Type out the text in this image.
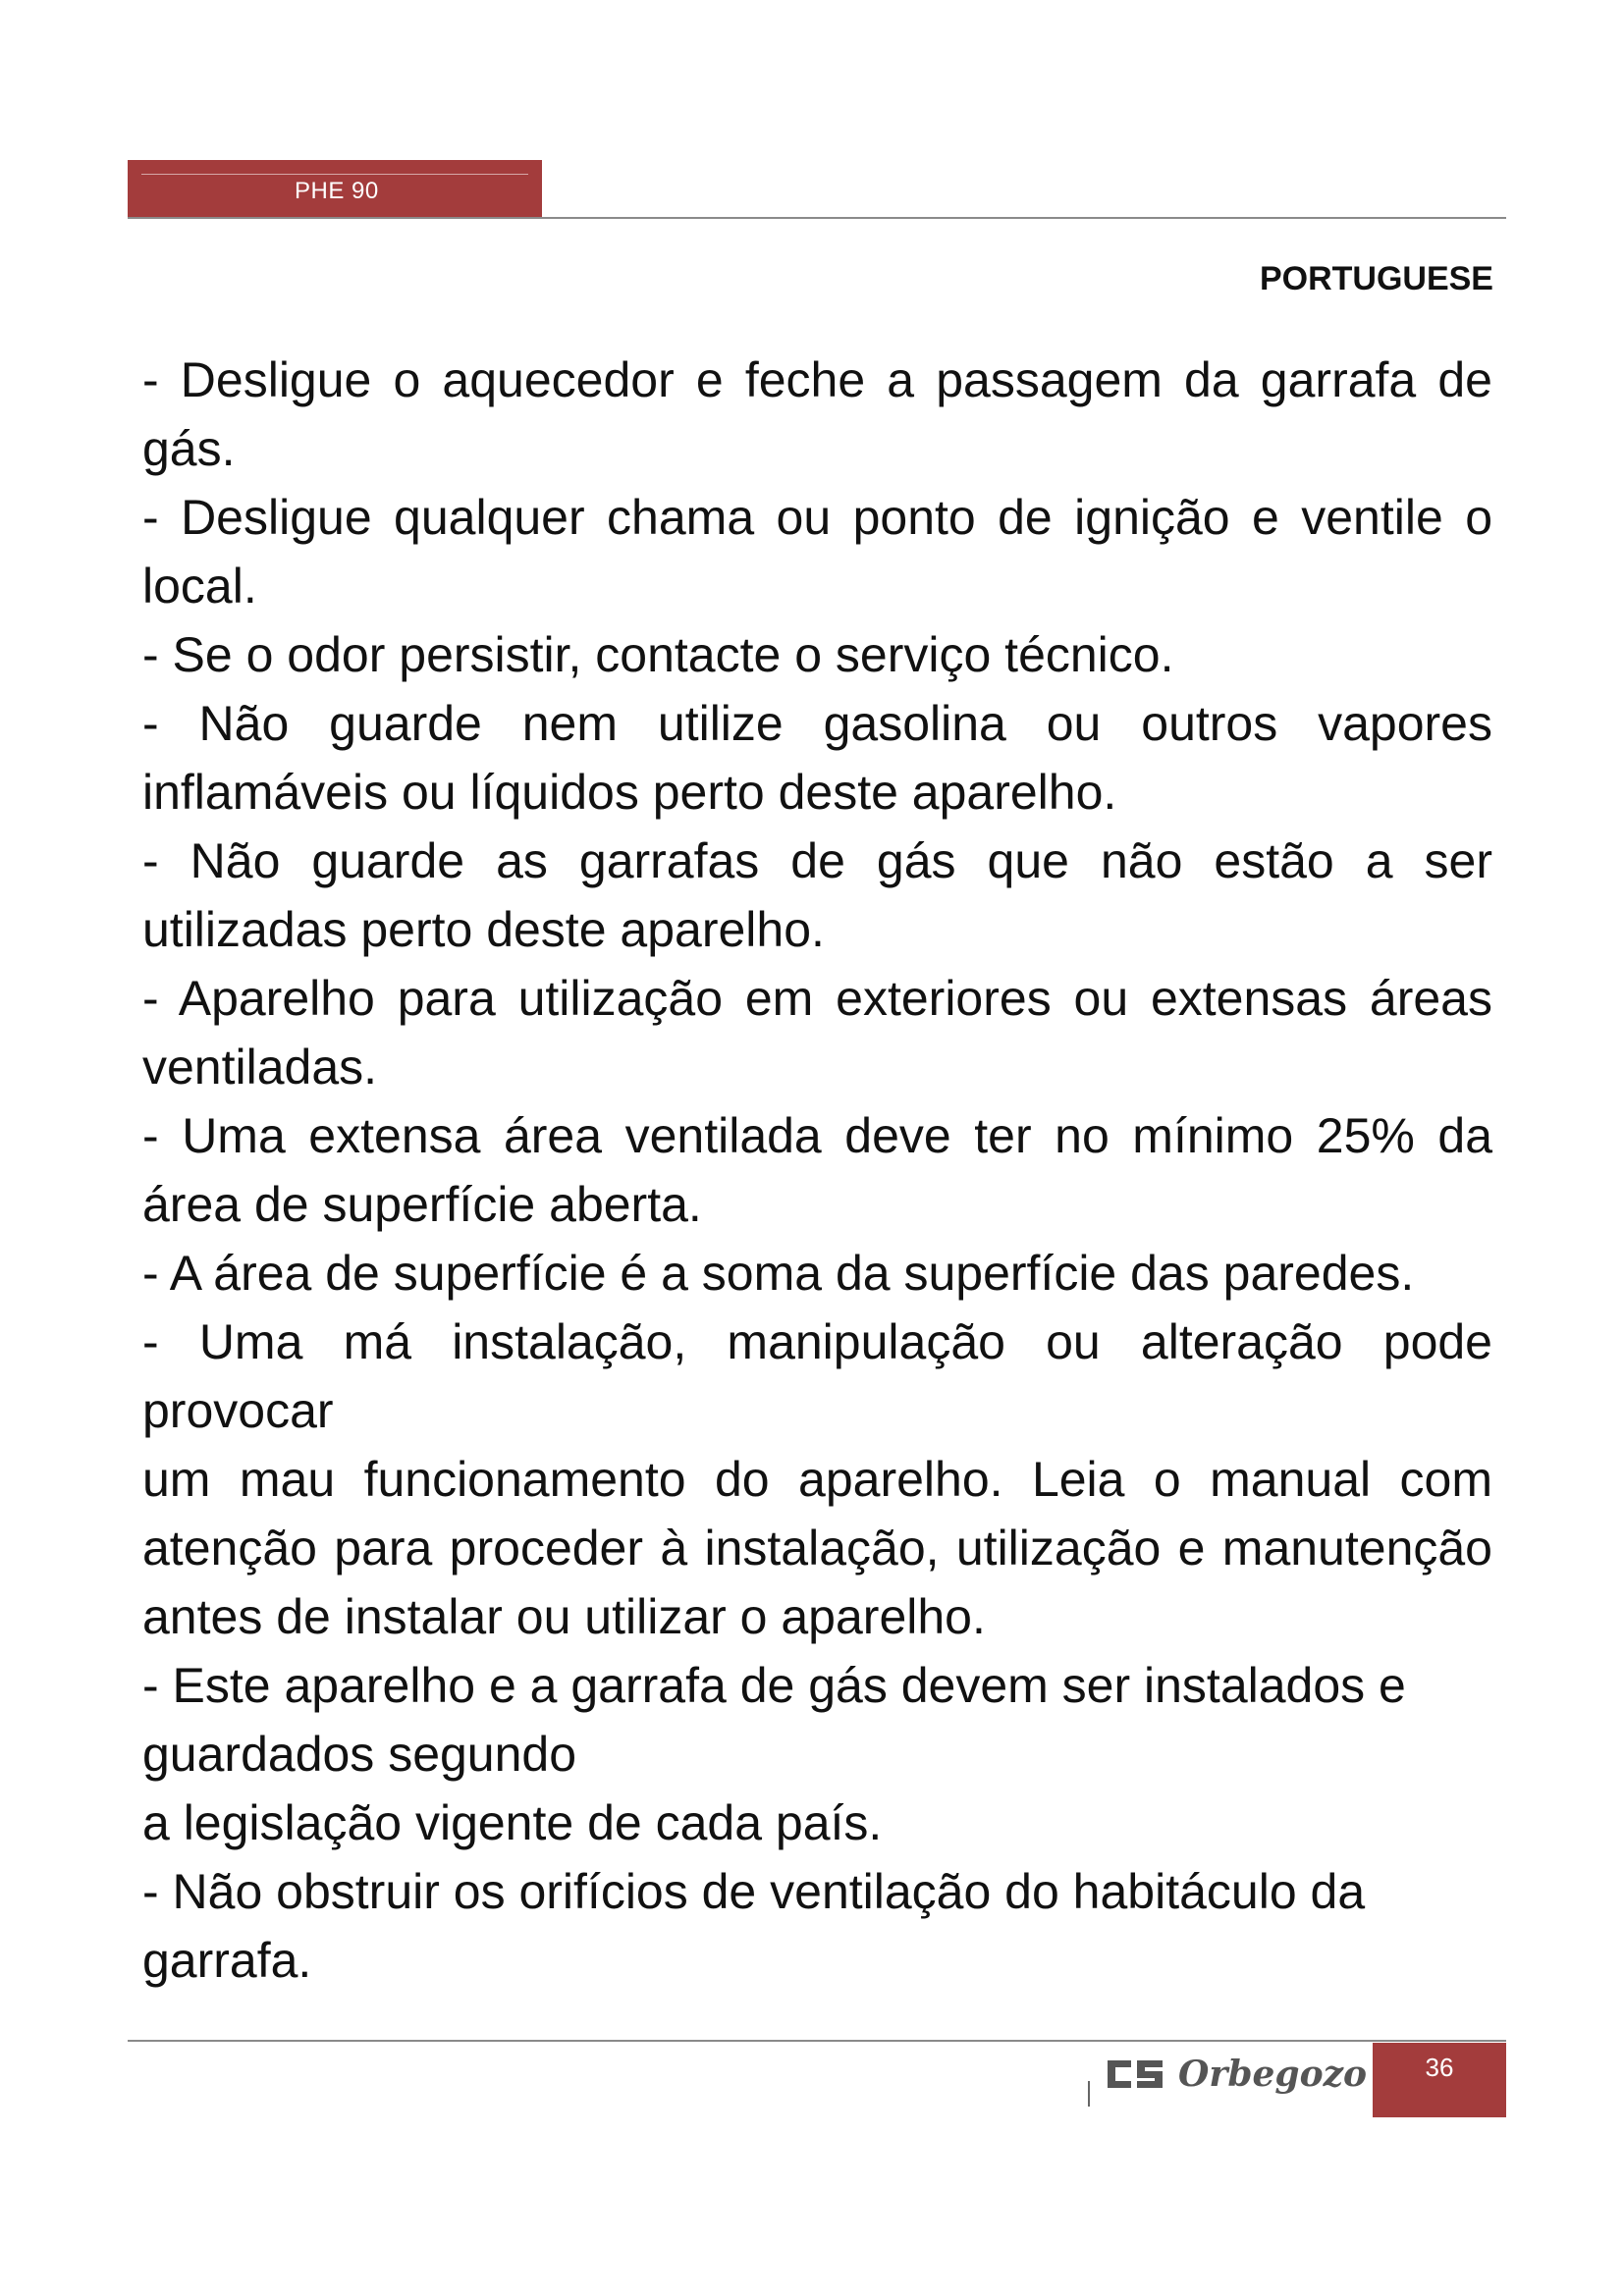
PHE 90
PORTUGUESE

- Desligue o aquecedor e feche a passagem da garrafa de gás.

- Desligue qualquer chama ou ponto de ignição e ventile o local.

- Se o odor persistir, contacte o serviço técnico.

- Não guarde nem utilize gasolina ou outros vapores inflamáveis ou líquidos perto deste aparelho.

- Não guarde as garrafas de gás que não estão a ser utilizadas perto deste aparelho.

- Aparelho para utilização em exteriores ou extensas áreas ventiladas.

- Uma extensa área ventilada deve ter no mínimo 25% da área de superfície aberta.

- A área de superfície é a soma da superfície das paredes.

- Uma má instalação, manipulação ou alteração pode provocar

um mau funcionamento do aparelho. Leia o manual com atenção para proceder à instalação, utilização e manutenção antes de instalar ou utilizar o aparelho.

- Este aparelho e a garrafa de gás devem ser instalados e guardados segundo

a legislação vigente de cada país.

- Não obstruir os orifícios de ventilação do habitáculo da garrafa.

Orbegozo	36
